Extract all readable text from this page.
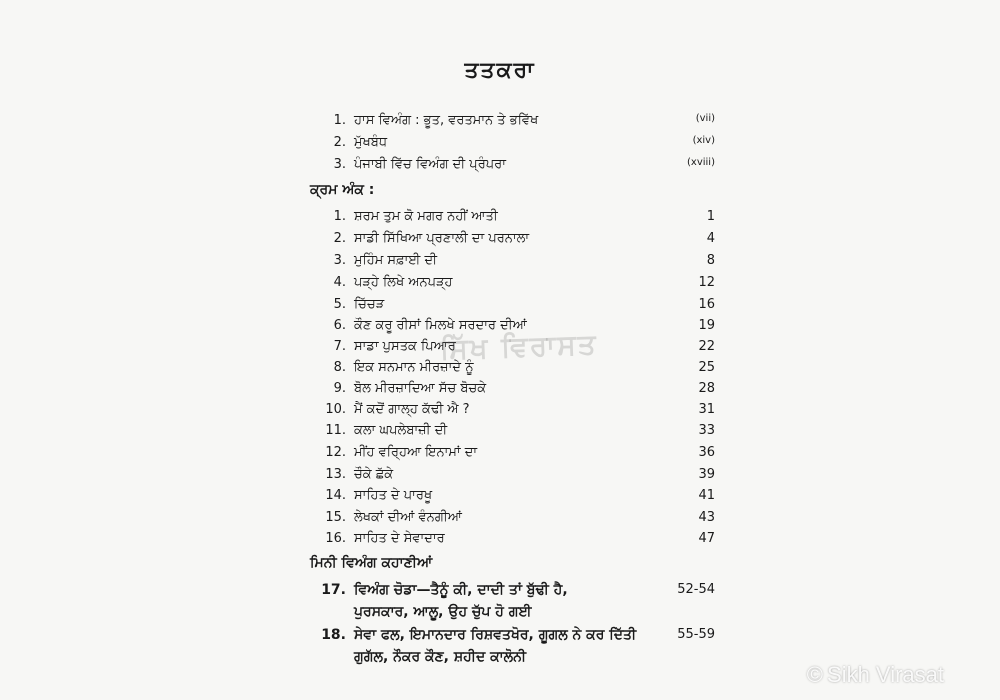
ਤਤਕਰਾ
1. ਹਾਸ ਵਿਅੰਗ : ਭੂਤ, ਵਰਤਮਾਨ ਤੇ ਭਵਿੱਖ	(vii)
2. ਮੁੱਖਬੰਧ	(xiv)
3. ਪੰਜਾਬੀ ਵਿੱਚ ਵਿਅੰਗ ਦੀ ਪ੍ਰੰਪਰਾ	(xviii)
ਕ੍ਰਮ ਅੰਕ :
1. ਸ਼ਰਮ ਤੁਮ ਕੋ ਮਗਰ ਨਹੀਂ ਆਤੀ	1
2. ਸਾਡੀ ਸਿੱਖਿਆ ਪ੍ਰਣਾਲੀ ਦਾ ਪਰਨਾਲਾ	4
3. ਮੁਹਿੰਮ ਸਫ਼ਾਈ ਦੀ	8
4. ਪੜ੍ਹੇ ਲਿਖੇ ਅਨਪੜ੍ਹ	12
5. ਚਿੱਚੜ	16
6. ਕੌਣ ਕਰੂ ਰੀਸਾਂ ਮਿਲਖੇ ਸਰਦਾਰ ਦੀਆਂ	19
7. ਸਾਡਾ ਪੁਸਤਕ ਪਿਆਰ	22
8. ਇਕ ਸਨਮਾਨ ਮੀਰਜ਼ਾਦੇ ਨੂੰ	25
9. ਬੋਲ ਮੀਰਜ਼ਾਦਿਆ ਸੱਚ ਬੋਚਕੇ	28
10. ਮੈਂ ਕਦੋਂ ਗਾਲ੍ਹ ਕੱਢੀ ਐ ?	31
11. ਕਲਾ ਘਪਲੇਬਾਜ਼ੀ ਦੀ	33
12. ਮੀਂਹ ਵਰ੍ਹਿਆ ਇਨਾਮਾਂ ਦਾ	36
13. ਚੌਕੇ ਛੱਕੇ	39
14. ਸਾਹਿਤ ਦੇ ਪਾਰਖੂ	41
15. ਲੇਖਕਾਂ ਦੀਆਂ ਵੰਨਗੀਆਂ	43
16. ਸਾਹਿਤ ਦੇ ਸੇਵਾਦਾਰ	47
ਮਿਨੀ ਵਿਅੰਗ ਕਹਾਣੀਆਂ
17. ਵਿਅੰਗ ਚੋਡਾ—ਤੈਨੂੰ ਕੀ, ਦਾਦੀ ਤਾਂ ਬੁੱਢੀ ਹੈ,	52-54
ਪੁਰਸਕਾਰ, ਆਲੂ, ਉਹ ਚੁੱਪ ਹੋ ਗਈ
18. ਸੇਵਾ ਫਲ, ਇਮਾਨਦਾਰ ਰਿਸ਼ਵਤਖੋਰ, ਗੂਗਲ ਨੇ ਕਰ ਦਿੱਤੀ	55-59
ਗੁਗੱਲ, ਨੌਕਰ ਕੌਣ, ਸ਼ਹੀਦ ਕਾਲੋਨੀ
ਸਿੱਖ ਵਿਰਾਸਤ
© Sikh Virasat
